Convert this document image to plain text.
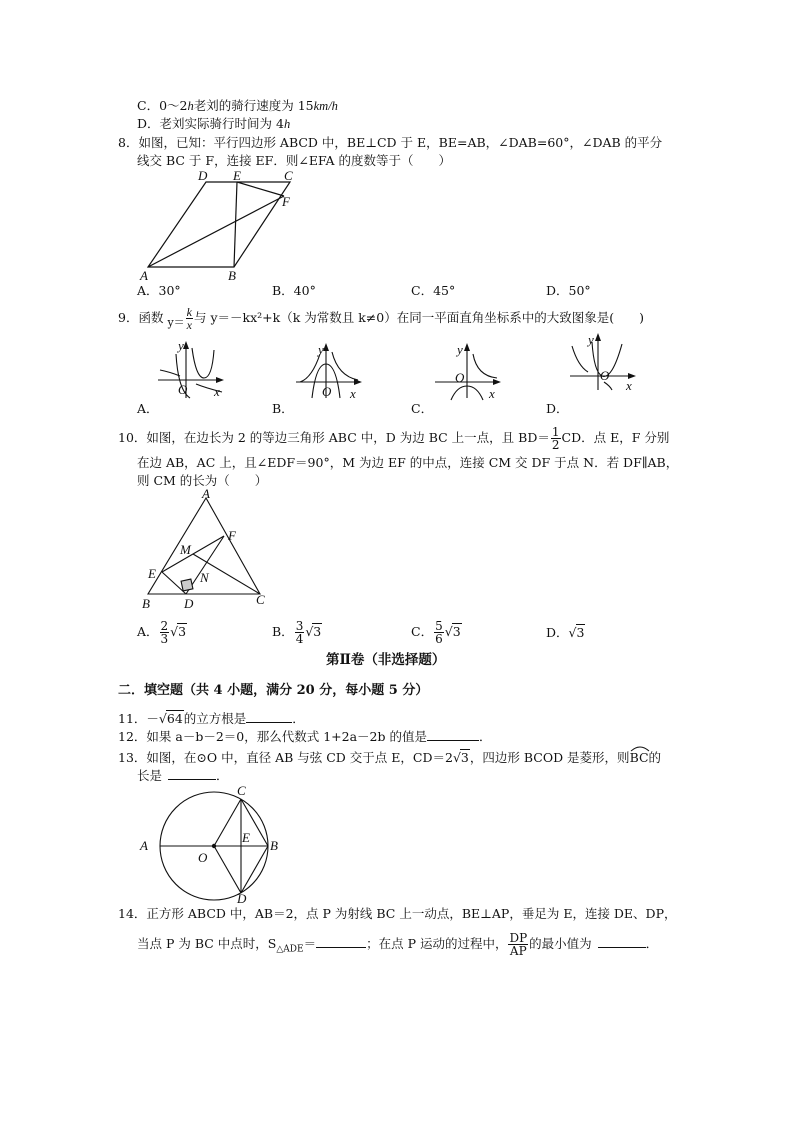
C．0～2h老刘的骑行速度为 15km/h
D．老刘实际骑行时间为 4h
8．如图，已知：平行四边形 ABCD 中，BE⊥CD 于 E，BE=AB，∠DAB=60°，∠DAB 的平分
线交 BC 于 F，连接 EF．则∠EFA 的度数等于（　　）
D E	C
F
A	B
A．30°	B．40°	C．45°	D．50°
9．函数 $y= \frac{k}{x}$ 与 y＝－kx²+k（k 为常数且 k≠0）在同一平面直角坐标系中的大致图象是(　　)
y
O x
y
O x
y
O
x
y
O
x
A．	B．	C．	D．
10．如图，在边长为 2 的等边三角形 ABC 中，D 为边 BC 上一点，且 $BD= \frac{1}{2}$ CD．点 E，F 分别
在边 AB，AC 上，且∠EDF＝90°，M 为边 EF 的中点，连接 CM 交 DF 于点 N．若 DF∥AB，
则 CM 的长为（　　）
A
F
M
E	N
B	D	C
A． $\frac{2}{3} √3$	B． $\frac{3}{4} √3$	C． $\frac{5}{6} √3$	D．√3
第Ⅱ卷（非选择题）
二．填空题（共 4 小题，满分 20 分，每小题 5 分）
11．－√64的立方根是	．
12．如果 a－b－2＝0，那么代数式 1+2a－2b 的值是	．
13．如图，在⊙O 中，直径 AB 与弦 CD 交于点 E，CD＝2√3，四边形 BCOD 是菱形，则
BC的
长是	．
C
A
O
E
B
D
14．正方形 ABCD 中，AB＝2，点 P 为射线 BC 上一动点，BE⊥AP，垂足为 E，连接 DE、DP，
当点 P 为 BC 中点时，$S_{\triangle ADE}=$	；在点 P 运动的过程中， $\frac{DP}{AP}$ 的最小值为	．
